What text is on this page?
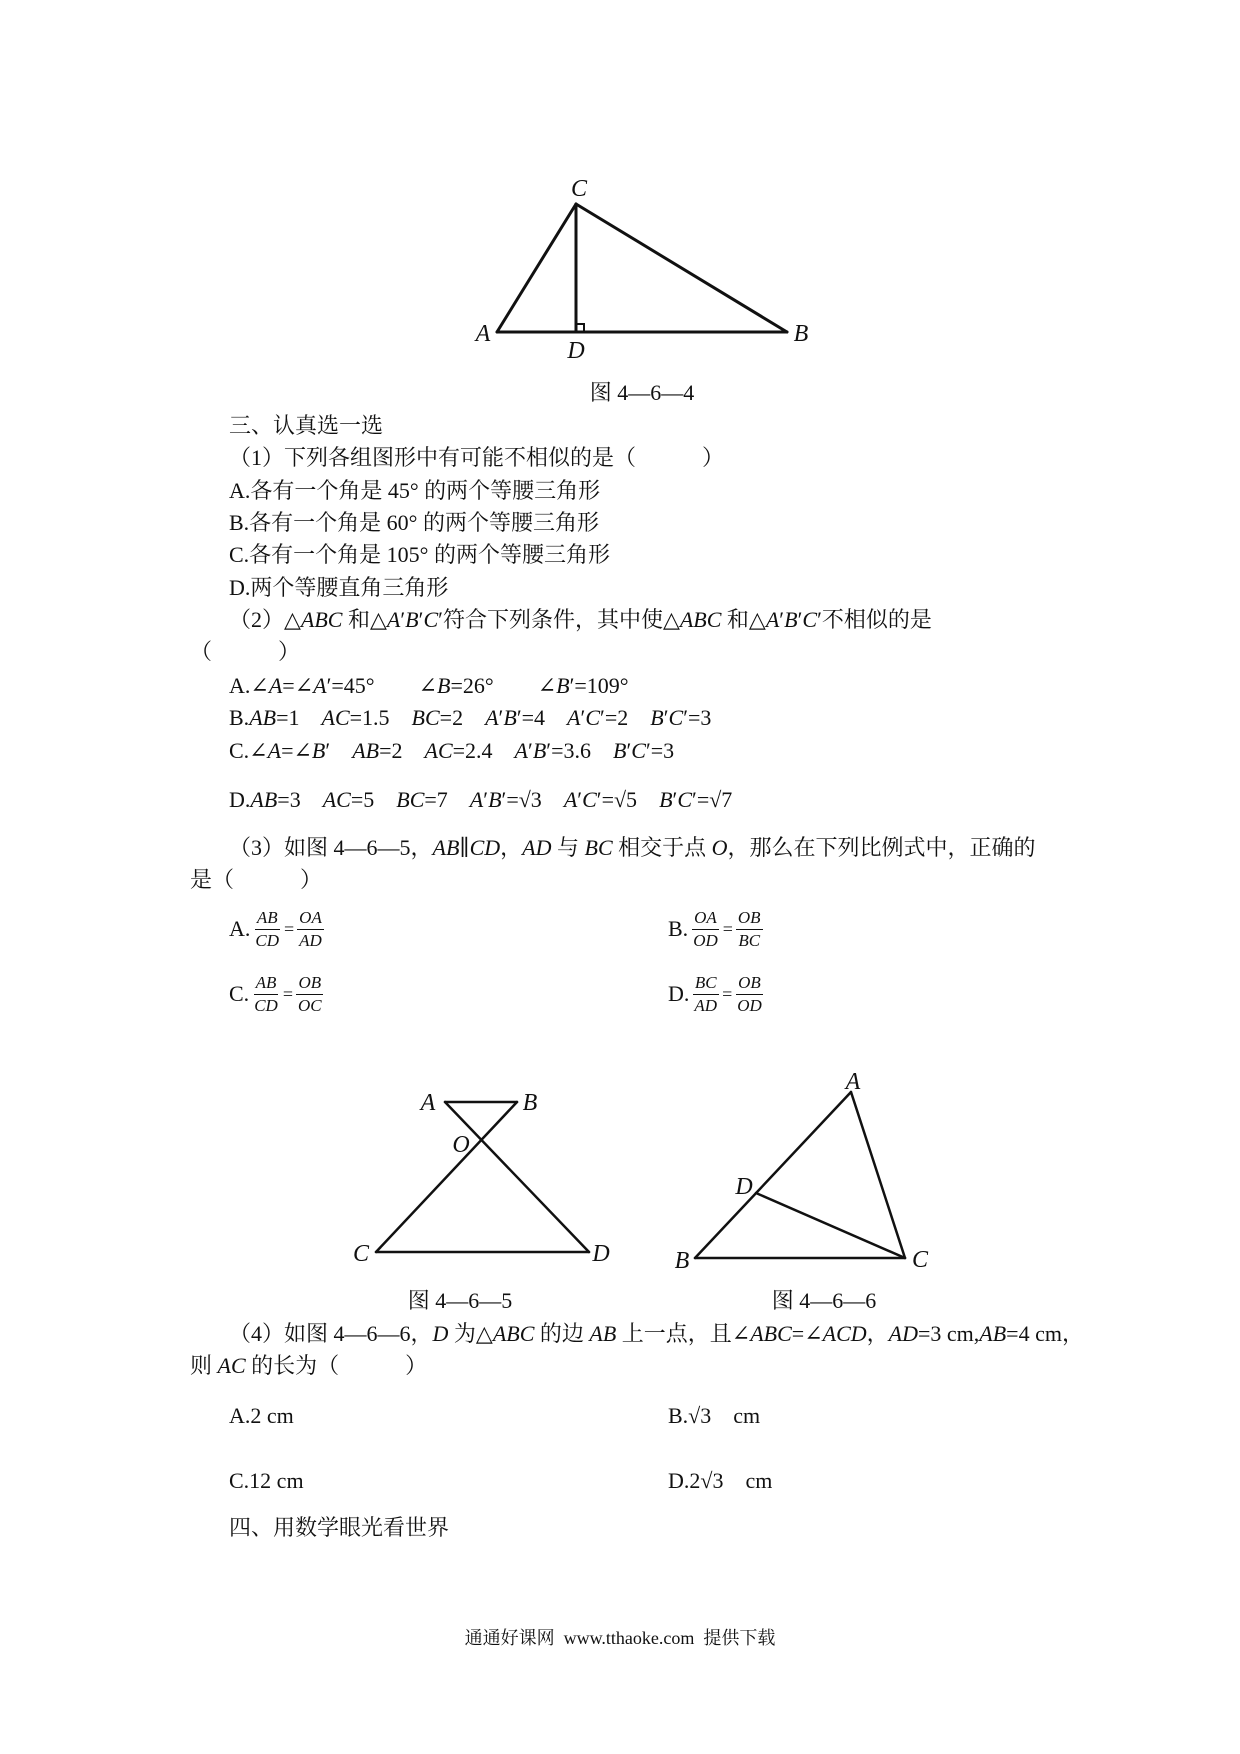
C
A
D
B
图 4—6—4
三、认真选一选
（1）下列各组图形中有可能不相似的是（　　　）
A.各有一个角是 45° 的两个等腰三角形
B.各有一个角是 60° 的两个等腰三角形
C.各有一个角是 105° 的两个等腰三角形
D.两个等腰直角三角形
（2）△ABC 和△A′B′C′符合下列条件，其中使△ABC 和△A′B′C′不相似的是
（　　　）
A.∠A=∠A′=45°　　∠B=26°　　∠B′=109°
B.AB=1　AC=1.5　BC=2　A′B′=4　A′C′=2　B′C′=3
C.∠A=∠B′　AB=2　AC=2.4　A′B′=3.6　B′C′=3
D.AB=3　AC=5　BC=7　A′B′=√3　A′C′=√5　B′C′=√7
（3）如图 4—6—5，AB∥CD，AD 与 BC 相交于点 O，那么在下列比例式中，正确的
是（　　　）
A. $\frac{AB}{CD} = \frac{OA}{AD}$	B. $\frac{OA}{OD} = \frac{OB}{BC}$
C. $\frac{AB}{CD} = \frac{OB}{OC}$	D. $\frac{BC}{AD} = \frac{OB}{OD}$
A	B
O
C	D
A
D
B	C
图 4—6—5	图 4—6—6
（4）如图 4—6—6，D 为△ABC 的边 AB 上一点，且∠ABC=∠ACD，AD=3 cm,AB=4 cm，
则 AC 的长为（　　　）
A.2 cm	B.√3　cm
C.12 cm	D.2√3　cm
四、用数学眼光看世界
通通好课网  www.tthaoke.com  提供下载
